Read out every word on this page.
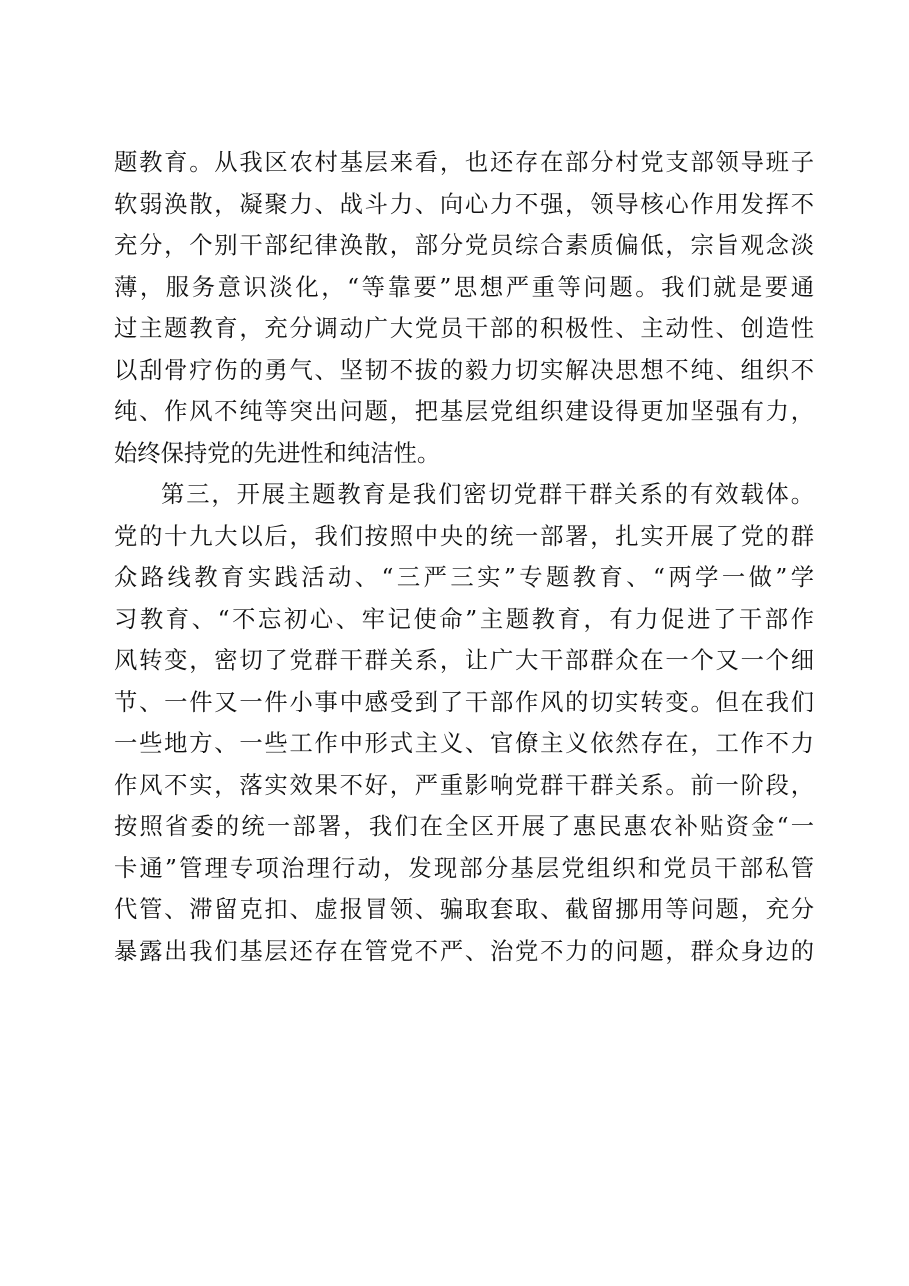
题教育。从我区农村基层来看，也还存在部分村党支部领导班子
软弱涣散，凝聚力、战斗力、向心力不强，领导核心作用发挥不
充分，个别干部纪律涣散，部分党员综合素质偏低，宗旨观念淡
薄，服务意识淡化，“等靠要”思想严重等问题。我们就是要通
过主题教育，充分调动广大党员干部的积极性、主动性、创造性
以刮骨疗伤的勇气、坚韧不拔的毅力切实解决思想不纯、组织不
纯、作风不纯等突出问题，把基层党组织建设得更加坚强有力，
始终保持党的先进性和纯洁性。
第三，开展主题教育是我们密切党群干群关系的有效载体。
党的十九大以后，我们按照中央的统一部署，扎实开展了党的群
众路线教育实践活动、“三严三实”专题教育、“两学一做”学
习教育、“不忘初心、牢记使命”主题教育，有力促进了干部作
风转变，密切了党群干群关系，让广大干部群众在一个又一个细
节、一件又一件小事中感受到了干部作风的切实转变。但在我们
一些地方、一些工作中形式主义、官僚主义依然存在，工作不力
作风不实，落实效果不好，严重影响党群干群关系。前一阶段，
按照省委的统一部署，我们在全区开展了惠民惠农补贴资金“一
卡通”管理专项治理行动，发现部分基层党组织和党员干部私管
代管、滞留克扣、虚报冒领、骗取套取、截留挪用等问题，充分
暴露出我们基层还存在管党不严、治党不力的问题，群众身边的
